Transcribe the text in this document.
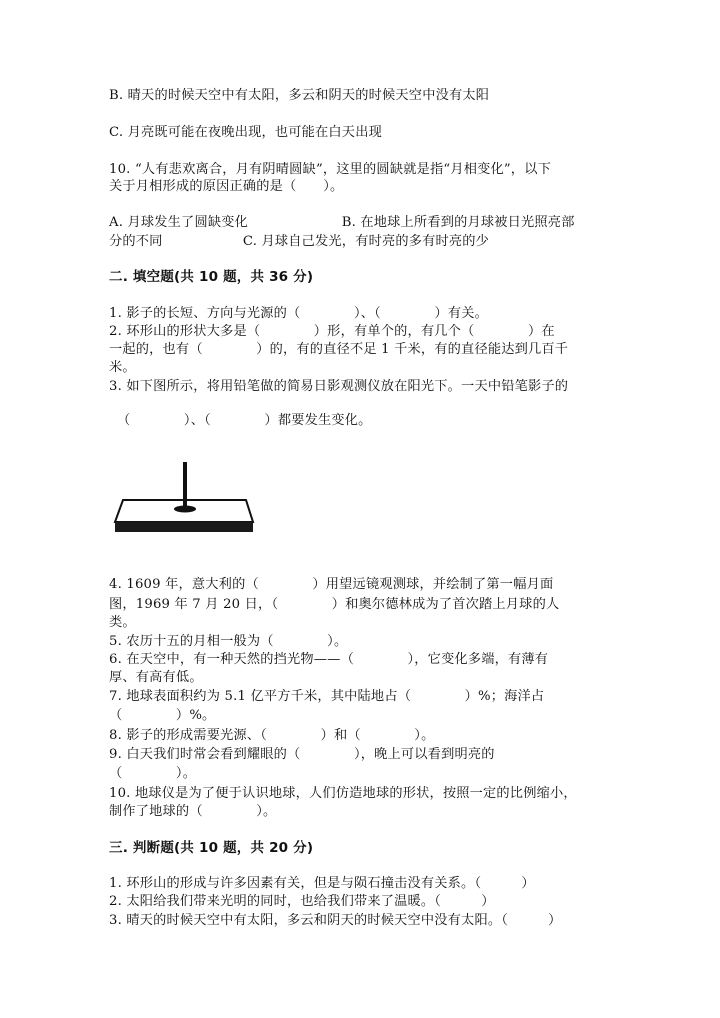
B. 晴天的时候天空中有太阳，多云和阴天的时候天空中没有太阳
C. 月亮既可能在夜晚出现，也可能在白天出现
10. “人有悲欢离合，月有阴晴圆缺”，这里的圆缺就是指“月相变化”，以下
关于月相形成的原因正确的是（　　）。
A. 月球发生了圆缺变化　　　　　　　B. 在地球上所看到的月球被日光照亮部
分的不同　　　　　　C. 月球自己发光，有时亮的多有时亮的少
二. 填空题(共 10 题，共 36 分)
1. 影子的长短、方向与光源的（　　　　）、（　　　　）有关。
2. 环形山的形状大多是（　　　　）形，有单个的，有几个（　　　　）在
一起的，也有（　　　　）的，有的直径不足 1 千米，有的直径能达到几百千
米。
3. 如下图所示，将用铅笔做的简易日影观测仪放在阳光下。一天中铅笔影子的
（　　　　）、（　　　　）都要发生变化。
4. 1609 年，意大利的（　　　　）用望远镜观测球，并绘制了第一幅月面
图，1969 年 7 月 20 日，（　　　　）和奥尔德林成为了首次踏上月球的人
类。
5. 农历十五的月相一般为（　　　　）。
6. 在天空中，有一种天然的挡光物——（　　　　），它变化多端，有薄有
厚、有高有低。
7. 地球表面积约为 5.1 亿平方千米，其中陆地占（　　　　）%；海洋占
（　　　　）%。
8. 影子的形成需要光源、（　　　　）和（　　　　）。
9. 白天我们时常会看到耀眼的（　　　　），晚上可以看到明亮的
（　　　　）。
10. 地球仪是为了便于认识地球，人们仿造地球的形状，按照一定的比例缩小，
制作了地球的（　　　　）。
三. 判断题(共 10 题，共 20 分)
1. 环形山的形成与许多因素有关，但是与陨石撞击没有关系。（　　　）
2. 太阳给我们带来光明的同时，也给我们带来了温暖。（　　　）
3. 晴天的时候天空中有太阳，多云和阴天的时候天空中没有太阳。（　　　）
